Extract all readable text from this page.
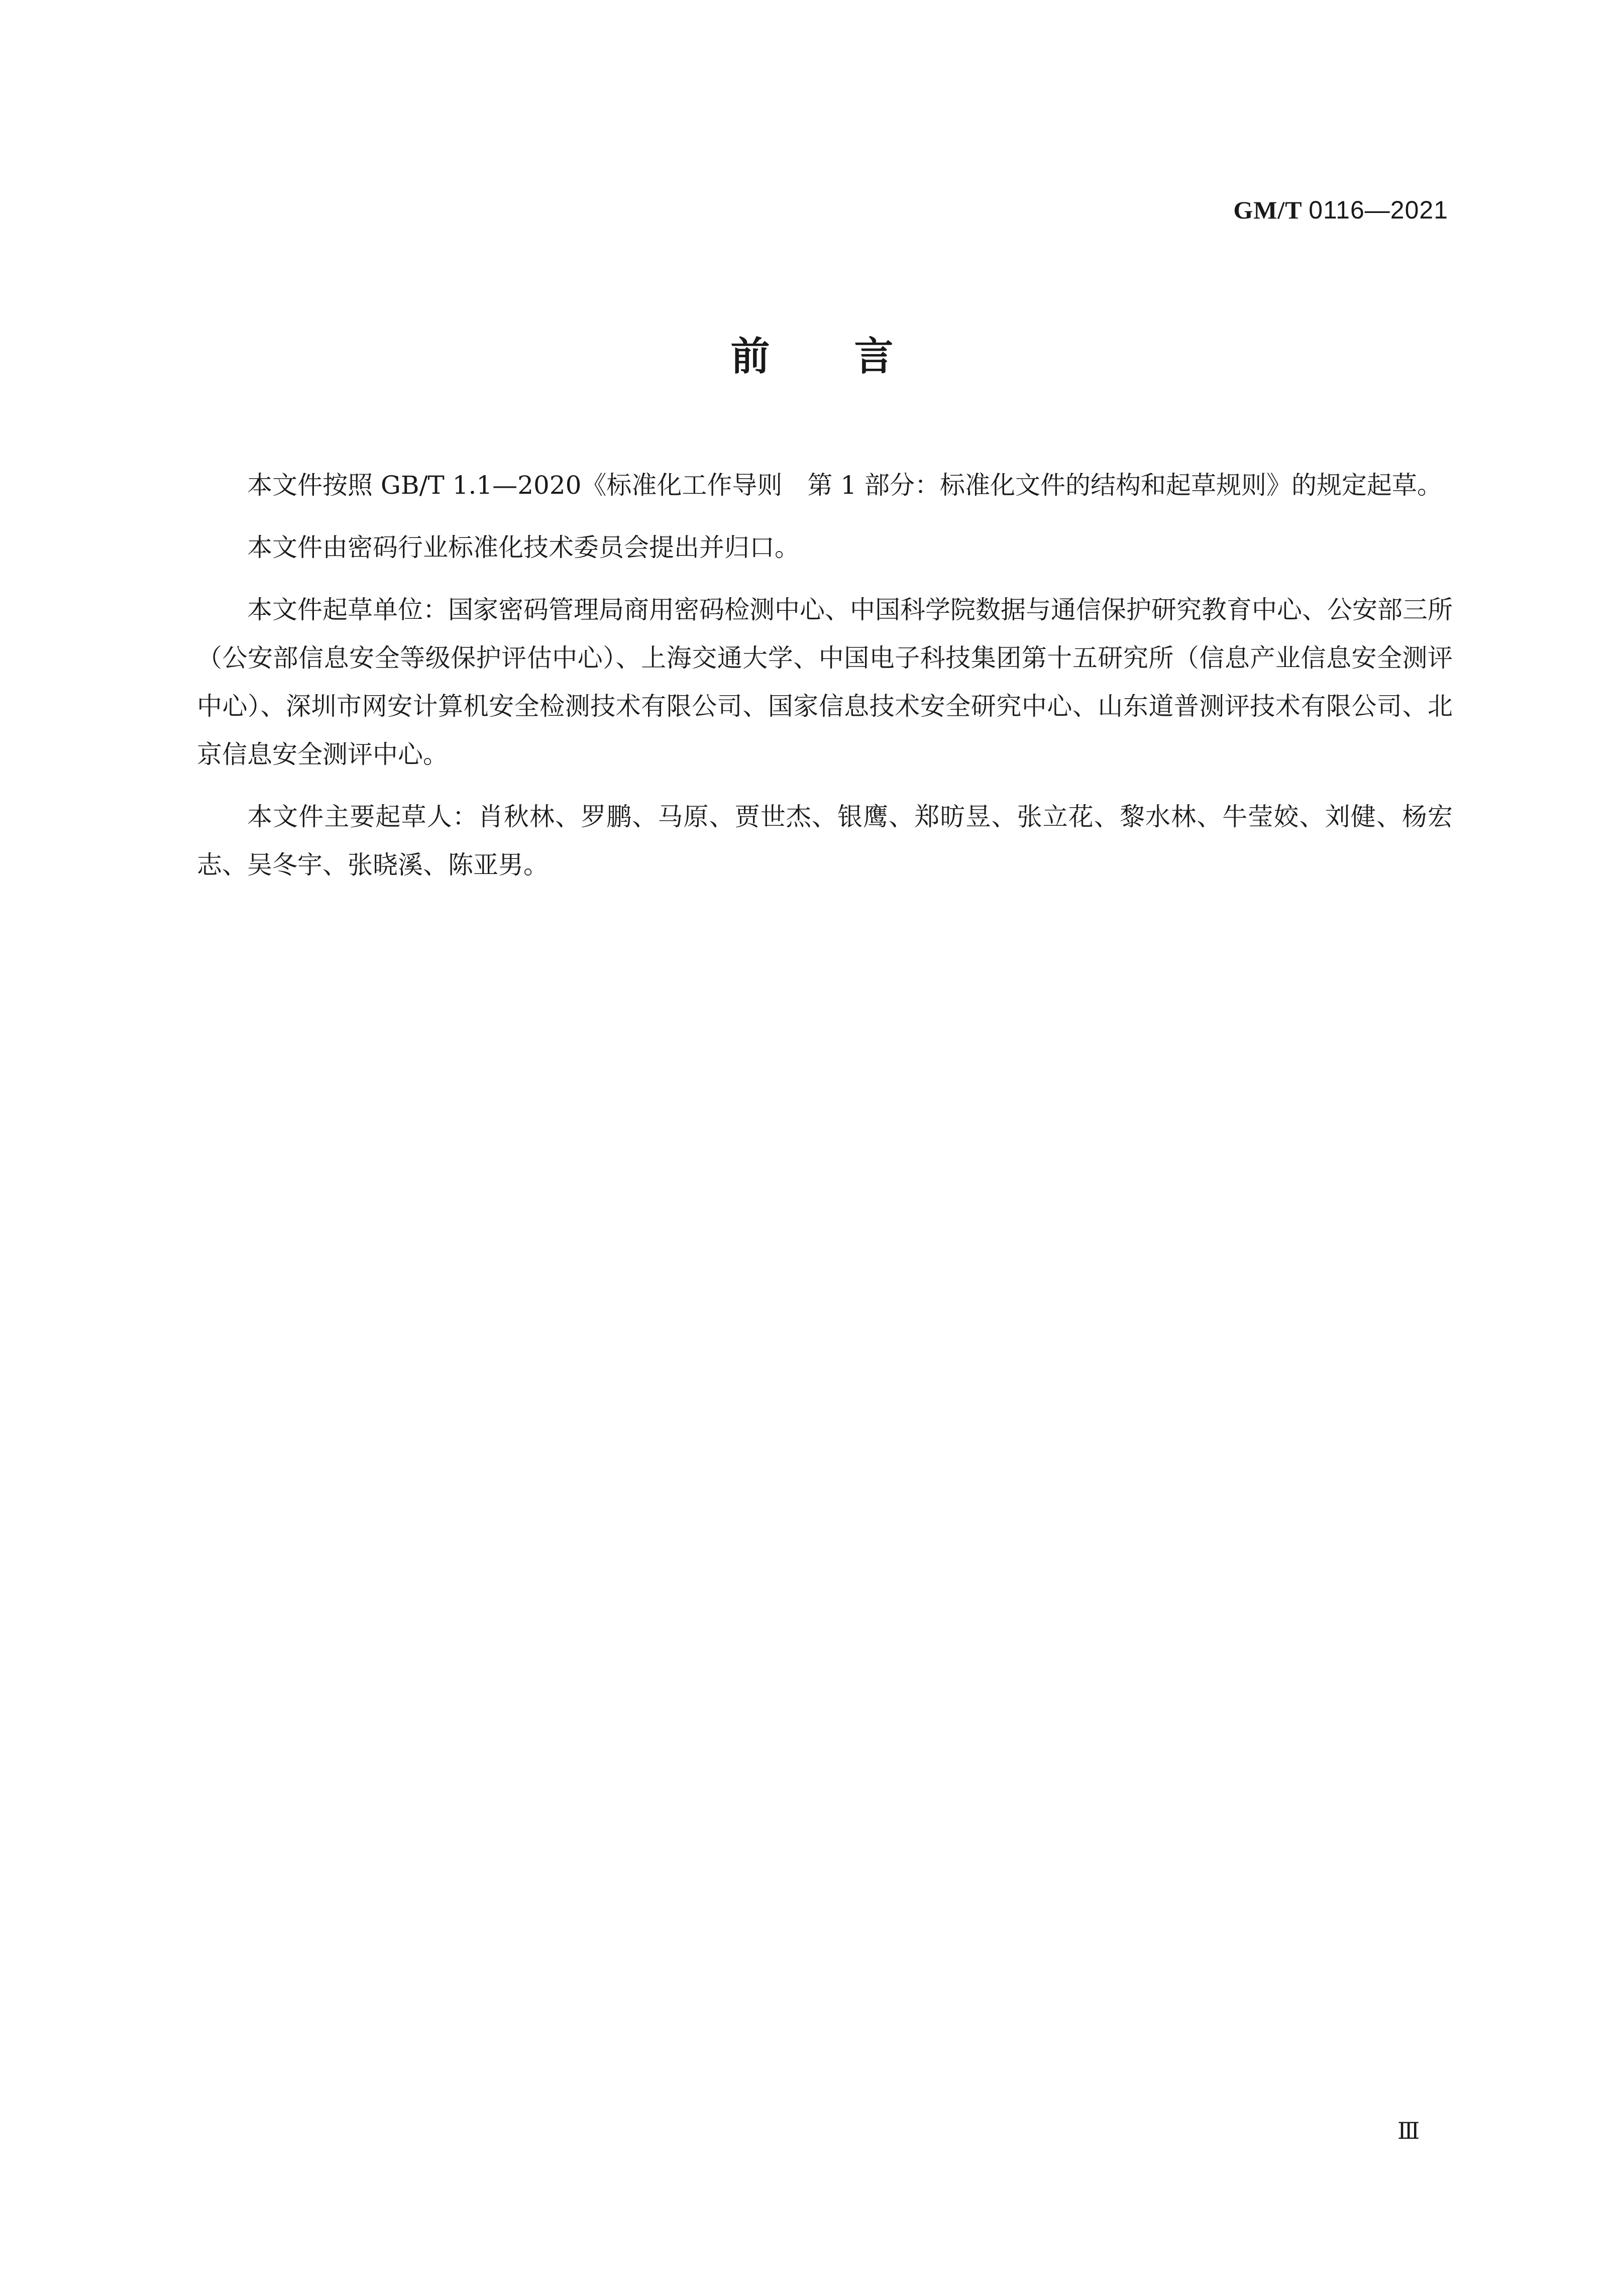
GM/T 0116—2021
前言

本文件按照 GB/T 1.1—2020《标准化工作导则　第 1 部分：标准化文件的结构和起草规则》的规定起草。

本文件由密码行业标准化技术委员会提出并归口。

本文件起草单位：国家密码管理局商用密码检测中心、中国科学院数据与通信保护研究教育中心、公安部三所（公安部信息安全等级保护评估中心）、上海交通大学、中国电子科技集团第十五研究所（信息产业信息安全测评中心）、深圳市网安计算机安全检测技术有限公司、国家信息技术安全研究中心、山东道普测评技术有限公司、北京信息安全测评中心。

本文件主要起草人：肖秋林、罗鹏、马原、贾世杰、银鹰、郑昉昱、张立花、黎水林、牛莹姣、刘健、杨宏志、吴冬宇、张晓溪、陈亚男。

Ⅲ
